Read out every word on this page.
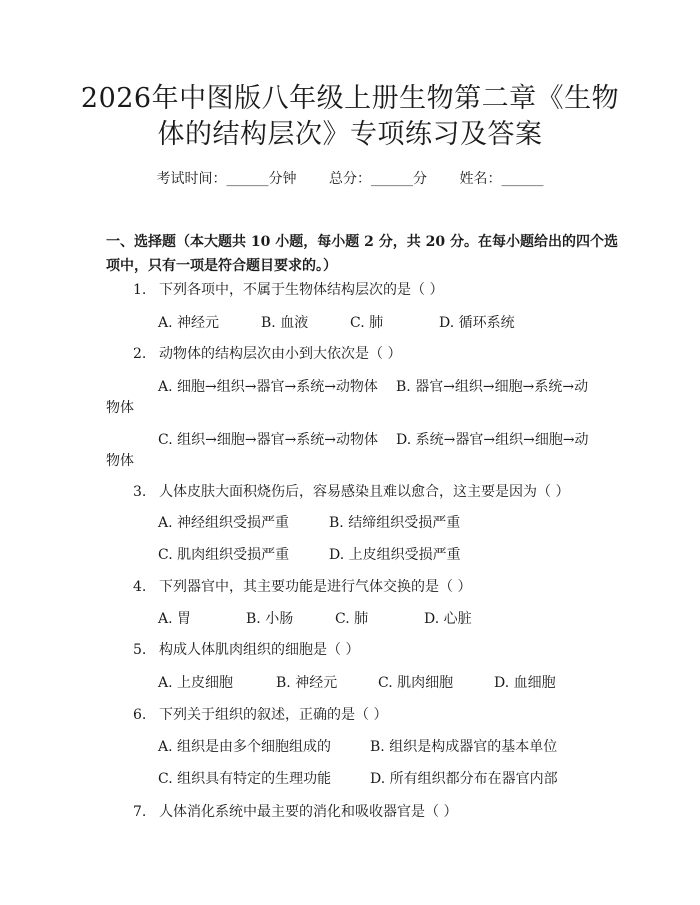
2026年中图版八年级上册生物第二章《生物
体的结构层次》专项练习及答案
考试时间：______分钟 总分：______分 姓名：______
一、选择题（本大题共 10 小题，每小题 2 分，共 20 分。在每小题给出的四个选项中，只有一项是符合题目要求的。）
1. 下列各项中，不属于生物体结构层次的是（ ）
A. 神经元	B. 血液	C. 肺	D. 循环系统
2. 动物体的结构层次由小到大依次是（ ）
A. 细胞→组织→器官→系统→动物体 B. 器官→组织→细胞→系统→动
物体
C. 组织→细胞→器官→系统→动物体 D. 系统→器官→组织→细胞→动
物体
3. 人体皮肤大面积烧伤后，容易感染且难以愈合，这主要是因为（ ）
A. 神经组织受损严重	B. 结缔组织受损严重
C. 肌肉组织受损严重	D. 上皮组织受损严重
4. 下列器官中，其主要功能是进行气体交换的是（ ）
A. 胃	B. 小肠	C. 肺	D. 心脏
5. 构成人体肌肉组织的细胞是（ ）
A. 上皮细胞	B. 神经元	C. 肌肉细胞	D. 血细胞
6. 下列关于组织的叙述，正确的是（ ）
A. 组织是由多个细胞组成的	B. 组织是构成器官的基本单位
C. 组织具有特定的生理功能	D. 所有组织都分布在器官内部
7. 人体消化系统中最主要的消化和吸收器官是（ ）
